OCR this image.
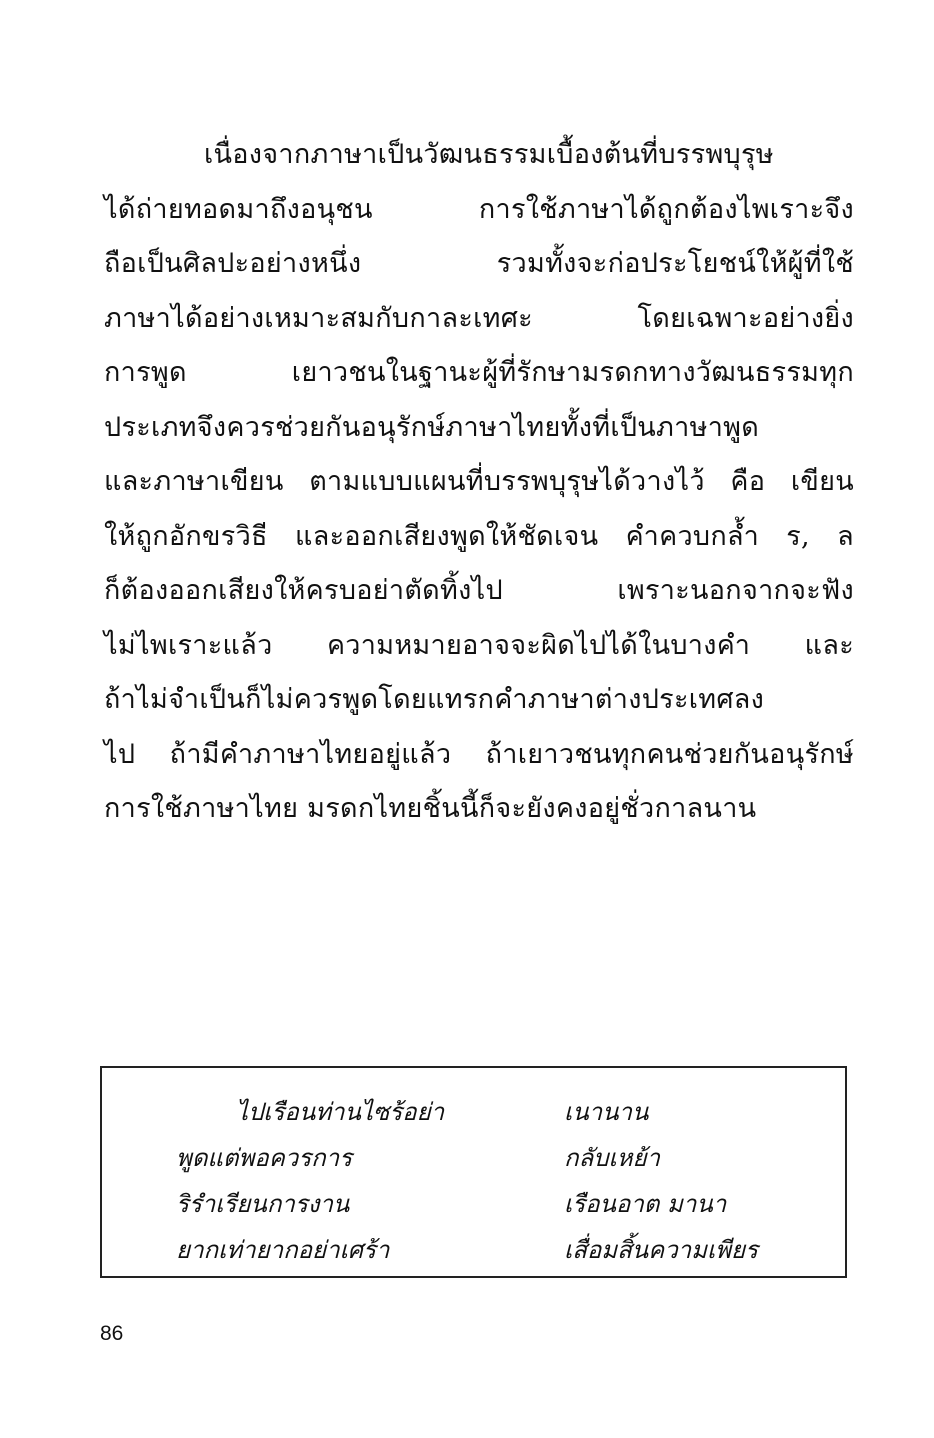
เนื่องจากภาษาเป็นวัฒนธรรมเบื้องต้นที่บรรพบุรุษ
ได้ถ่ายทอดมาถึงอนุชน การใช้ภาษาได้ถูกต้องไพเราะจึง
ถือเป็นศิลปะอย่างหนึ่ง รวมทั้งจะก่อประโยชน์ให้ผู้ที่ใช้
ภาษาได้อย่างเหมาะสมกับกาละเทศะ โดยเฉพาะอย่างยิ่ง
การพูด เยาวชนในฐานะผู้ที่รักษามรดกทางวัฒนธรรมทุก
ประเภทจึงควรช่วยกันอนุรักษ์ภาษาไทยทั้งที่เป็นภาษาพูด
และภาษาเขียน ตามแบบแผนที่บรรพบุรุษได้วางไว้ คือ เขียน
ให้ถูกอักขรวิธี และออกเสียงพูดให้ชัดเจน คำควบกล้ำ ร, ล
ก็ต้องออกเสียงให้ครบอย่าตัดทิ้งไป เพราะนอกจากจะฟัง
ไม่ไพเราะแล้ว ความหมายอาจจะผิดไปได้ในบางคำ และ
ถ้าไม่จำเป็นก็ไม่ควรพูดโดยแทรกคำภาษาต่างประเทศลง
ไป ถ้ามีคำภาษาไทยอยู่แล้ว ถ้าเยาวชนทุกคนช่วยกันอนุรักษ์
การใช้ภาษาไทย มรดกไทยชิ้นนี้ก็จะยังคงอยู่ชั่วกาลนาน
ไปเรือนท่านไซร้อย่า	เนานาน
พูดแต่พอควรการ	กลับเหย้า
ริรำเรียนการงาน	เรือนอาต มานา
ยากเท่ายากอย่าเศร้า	เสื่อมสิ้นความเพียร
86
